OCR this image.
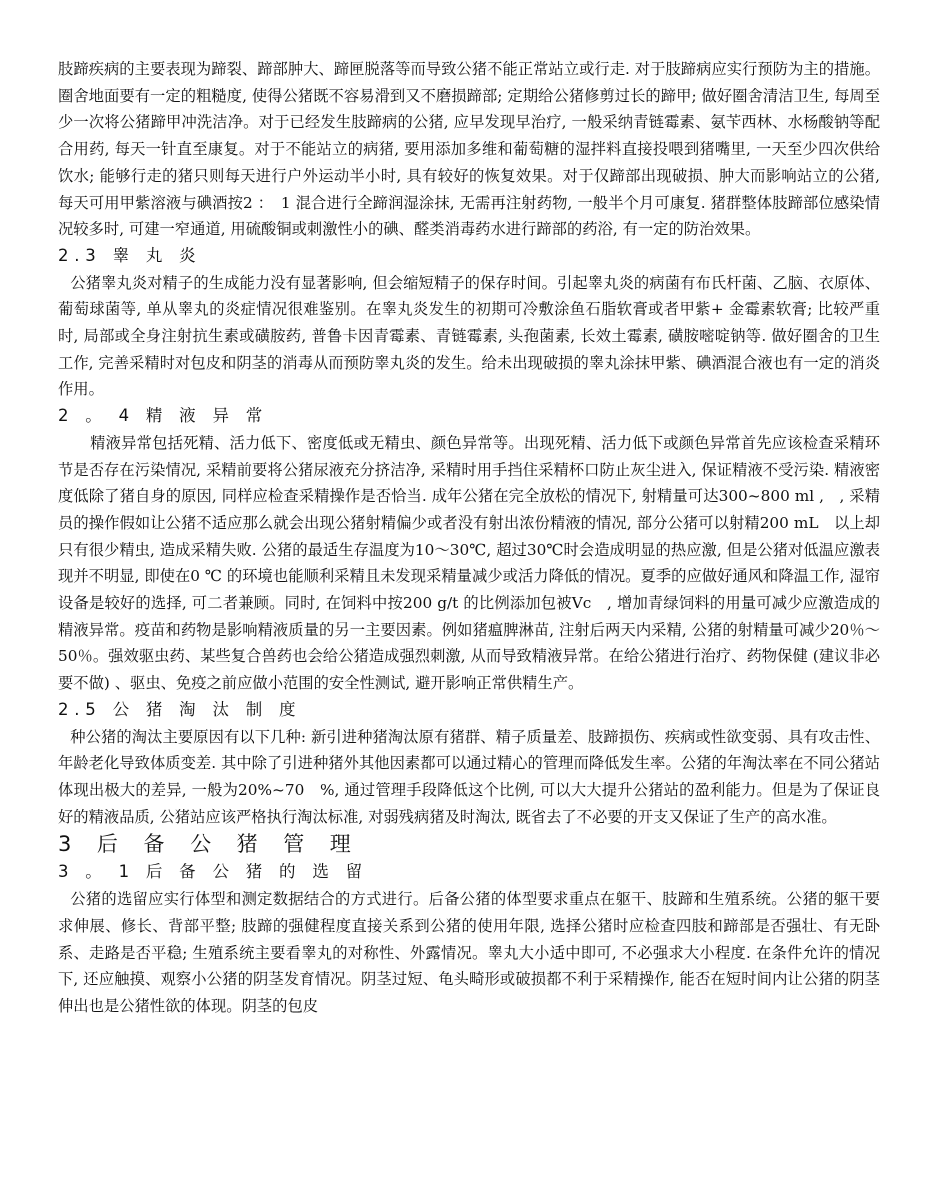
肢蹄疾病的主要表现为蹄裂、蹄部肿大、蹄匣脱落等而导致公猪不能正常站立或行走. 对于肢蹄病应实行预防为主的措施。圈舍地面要有一定的粗糙度, 使得公猪既不容易滑到又不磨损蹄部; 定期给公猪修剪过长的蹄甲; 做好圈舍清洁卫生, 每周至少一次将公猪蹄甲冲洗洁净。对于已经发生肢蹄病的公猪, 应早发现早治疗, 一般采纳青链霉素、氨苄西林、水杨酸钠等配合用药, 每天一针直至康复。对于不能站立的病猪, 要用添加多维和葡萄糖的湿拌料直接投喂到猪嘴里, 一天至少四次供给饮水; 能够行走的猪只则每天进行户外运动半小时, 具有较好的恢复效果。对于仅蹄部出现破损、肿大而影响站立的公猪, 每天可用甲紫溶液与碘酒按2 ：　1 混合进行全蹄润湿涂抹, 无需再注射药物, 一般半个月可康复. 猪群整体肢蹄部位感染情况较多时, 可建一窄通道, 用硫酸铜或刺激性小的碘、醛类消毒药水进行蹄部的药浴, 有一定的防治效果。

2.3 睾 丸 炎

公猪睾丸炎对精子的生成能力没有显著影响, 但会缩短精子的保存时间。引起睾丸炎的病菌有布氏杆菌、乙脑、衣原体、葡萄球菌等, 单从睾丸的炎症情况很难鉴别。在睾丸炎发生的初期可冷敷涂鱼石脂软膏或者甲紫+ 金霉素软膏; 比较严重时, 局部或全身注射抗生素或磺胺药, 普鲁卡因青霉素、青链霉素, 头孢菌素, 长效土霉素, 磺胺嘧啶钠等. 做好圈舍的卫生工作, 完善采精时对包皮和阴茎的消毒从而预防睾丸炎的发生。给未出现破损的睾丸涂抹甲紫、碘酒混合液也有一定的消炎作用。

2 。 4 精 液 异 常

精液异常包括死精、活力低下、密度低或无精虫、颜色异常等。出现死精、活力低下或颜色异常首先应该检查采精环节是否存在污染情况, 采精前要将公猪尿液充分挤洁净, 采精时用手挡住采精杯口防止灰尘进入, 保证精液不受污染. 精液密度低除了猪自身的原因, 同样应检查采精操作是否恰当. 成年公猪在完全放松的情况下, 射精量可达300~800 ml ,　, 采精员的操作假如让公猪不适应那么就会出现公猪射精偏少或者没有射出浓份精液的情况, 部分公猪可以射精200 mL　以上却只有很少精虫, 造成采精失败. 公猪的最适生存温度为10～30℃, 超过30℃时会造成明显的热应激, 但是公猪对低温应激表现并不明显, 即使在0 ℃ 的环境也能顺利采精且未发现采精量减少或活力降低的情况。夏季的应做好通风和降温工作, 湿帘设备是较好的选择, 可二者兼顾。同时, 在饲料中按200 g/t 的比例添加包被Vc　, 增加青绿饲料的用量可减少应激造成的精液异常。疫苗和药物是影响精液质量的另一主要因素。例如猪瘟脾淋苗, 注射后两天内采精, 公猪的射精量可减少20％～50％。强效驱虫药、某些复合兽药也会给公猪造成强烈刺激, 从而导致精液异常。在给公猪进行治疗、药物保健 (建议非必要不做) 、驱虫、免疫之前应做小范围的安全性测试, 避开影响正常供精生产。

2.5 公 猪 淘 汰 制 度

种公猪的淘汰主要原因有以下几种: 新引进种猪淘汰原有猪群、精子质量差、肢蹄损伤、疾病或性欲变弱、具有攻击性、年龄老化导致体质变差. 其中除了引进种猪外其他因素都可以通过精心的管理而降低发生率。公猪的年淘汰率在不同公猪站体现出极大的差异, 一般为20%~70　%, 通过管理手段降低这个比例, 可以大大提升公猪站的盈利能力。但是为了保证良好的精液品质, 公猪站应该严格执行淘汰标准, 对弱残病猪及时淘汰, 既省去了不必要的开支又保证了生产的高水准。

3 后 备 公 猪 管 理
3 。 1 后 备 公 猪 的 选 留

公猪的选留应实行体型和测定数据结合的方式进行。后备公猪的体型要求重点在躯干、肢蹄和生殖系统。公猪的躯干要求伸展、修长、背部平整; 肢蹄的强健程度直接关系到公猪的使用年限, 选择公猪时应检查四肢和蹄部是否强壮、有无卧系、走路是否平稳; 生殖系统主要看睾丸的对称性、外露情况。睾丸大小适中即可, 不必强求大小程度. 在条件允许的情况下, 还应触摸、观察小公猪的阴茎发育情况。阴茎过短、龟头畸形或破损都不利于采精操作, 能否在短时间内让公猪的阴茎伸出也是公猪性欲的体现。阴茎的包皮
